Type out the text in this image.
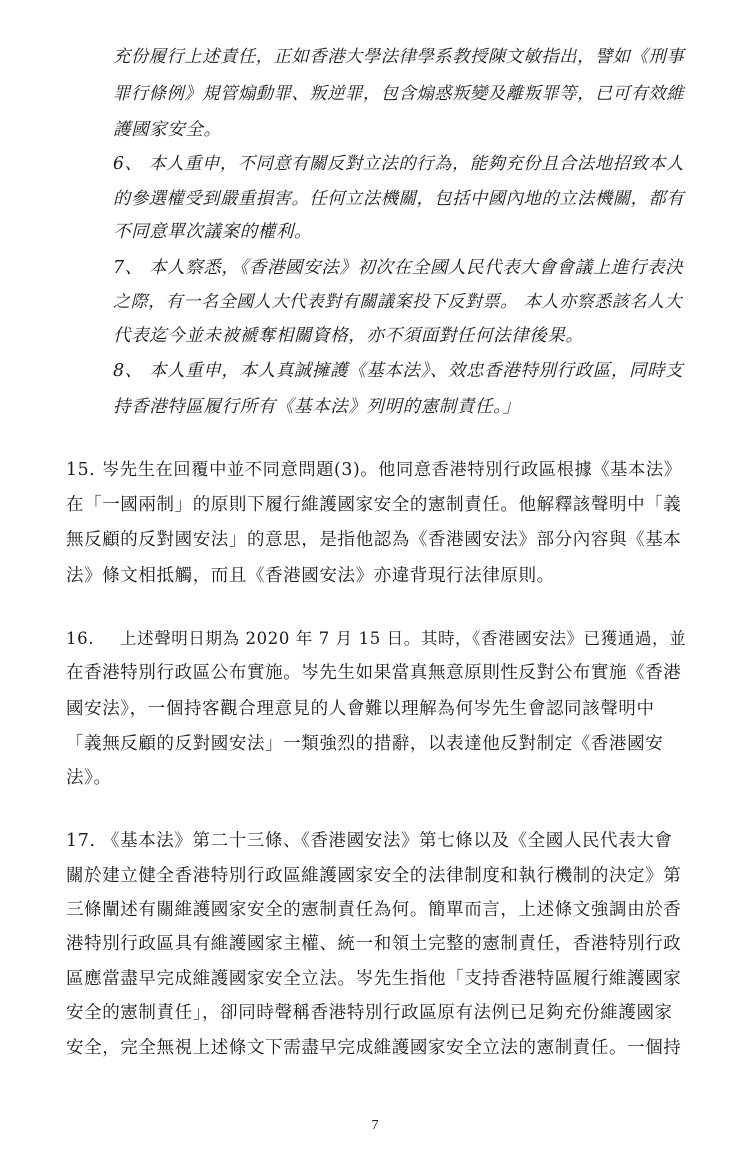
充份履行上述責任，正如香港大學法律學系教授陳文敏指出，譬如《刑事
罪行條例》規管煽動罪、叛逆罪，包含煽惑叛變及離叛罪等，已可有效維
護國家安全。
6、 本人重申，不同意有關反對立法的行為，能夠充份且合法地招致本人
的參選權受到嚴重損害。任何立法機關，包括中國內地的立法機關，都有
不同意單次議案的權利。
7、 本人察悉，《香港國安法》初次在全國人民代表大會會議上進行表決
之際，有一名全國人大代表對有關議案投下反對票。 本人亦察悉該名人大
代表迄今並未被褫奪相關資格，亦不須面對任何法律後果。
8、 本人重申，本人真誠擁護《基本法》、效忠香港特別行政區，同時支
持香港特區履行所有《基本法》列明的憲制責任。」
15. 岑先生在回覆中並不同意問題(3)。他同意香港特別行政區根據《基本法》
在「一國兩制」的原則下履行維護國家安全的憲制責任。他解釋該聲明中「義
無反顧的反對國安法」的意思，是指他認為《香港國安法》部分內容與《基本
法》條文相抵觸，而且《香港國安法》亦違背現行法律原則。
16. 上述聲明日期為 2020 年 7 月 15 日。其時，《香港國安法》已獲通過，並
在香港特別行政區公布實施。岑先生如果當真無意原則性反對公布實施《香港
國安法》，一個持客觀合理意見的人會難以理解為何岑先生會認同該聲明中
「義無反顧的反對國安法」一類強烈的措辭，以表達他反對制定《香港國安
法》。
17. 《基本法》第二十三條、《香港國安法》第七條以及《全國人民代表大會
關於建立健全香港特別行政區維護國家安全的法律制度和執行機制的決定》第
三條闡述有關維護國家安全的憲制責任為何。簡單而言，上述條文強調由於香
港特別行政區具有維護國家主權、統一和領土完整的憲制責任，香港特別行政
區應當盡早完成維護國家安全立法。岑先生指他「支持香港特區履行維護國家
安全的憲制責任」，卻同時聲稱香港特別行政區原有法例已足夠充份維護國家
安全，完全無視上述條文下需盡早完成維護國家安全立法的憲制責任。一個持
7
